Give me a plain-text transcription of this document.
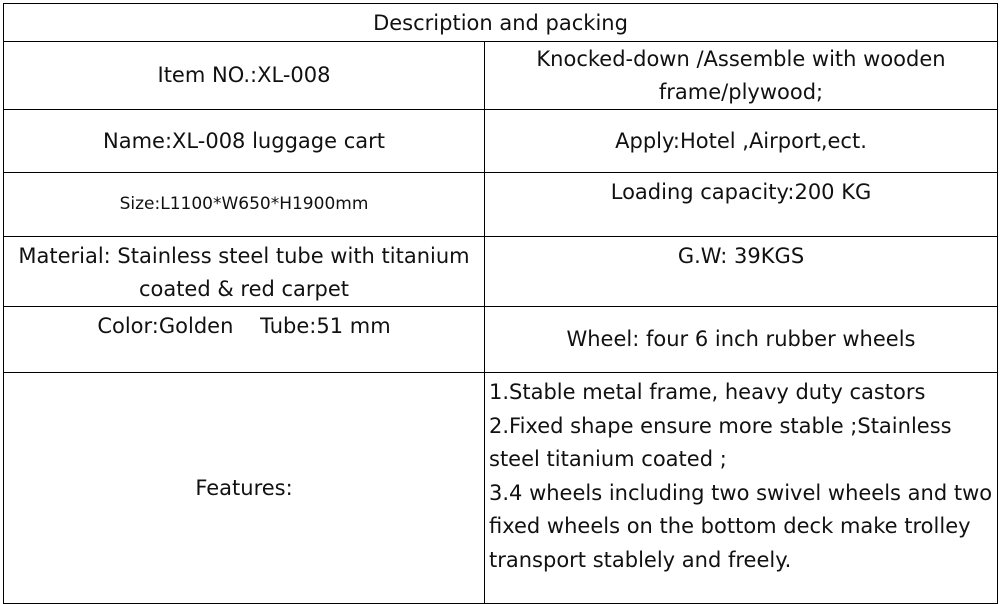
Description and packing	
Item NO.:XL-008	Knocked-down /Assemble with wooden frame/plywood;
Name:XL-008 luggage cart	Apply:Hotel ,Airport,ect.
Size:L1100*W650*H1900mm	Loading capacity:200 KG
Material: Stainless steel tube with titanium coated & red carpet	G.W: 39KGS
Color:Golden    Tube:51 mm	Wheel: four 6 inch rubber wheels
Features:	1.Stable metal frame, heavy duty castors
2.Fixed shape ensure more stable ;Stainless steel titanium coated ;
3.4 wheels including two swivel wheels and two fixed wheels on the bottom deck make trolley transport stablely and freely.
